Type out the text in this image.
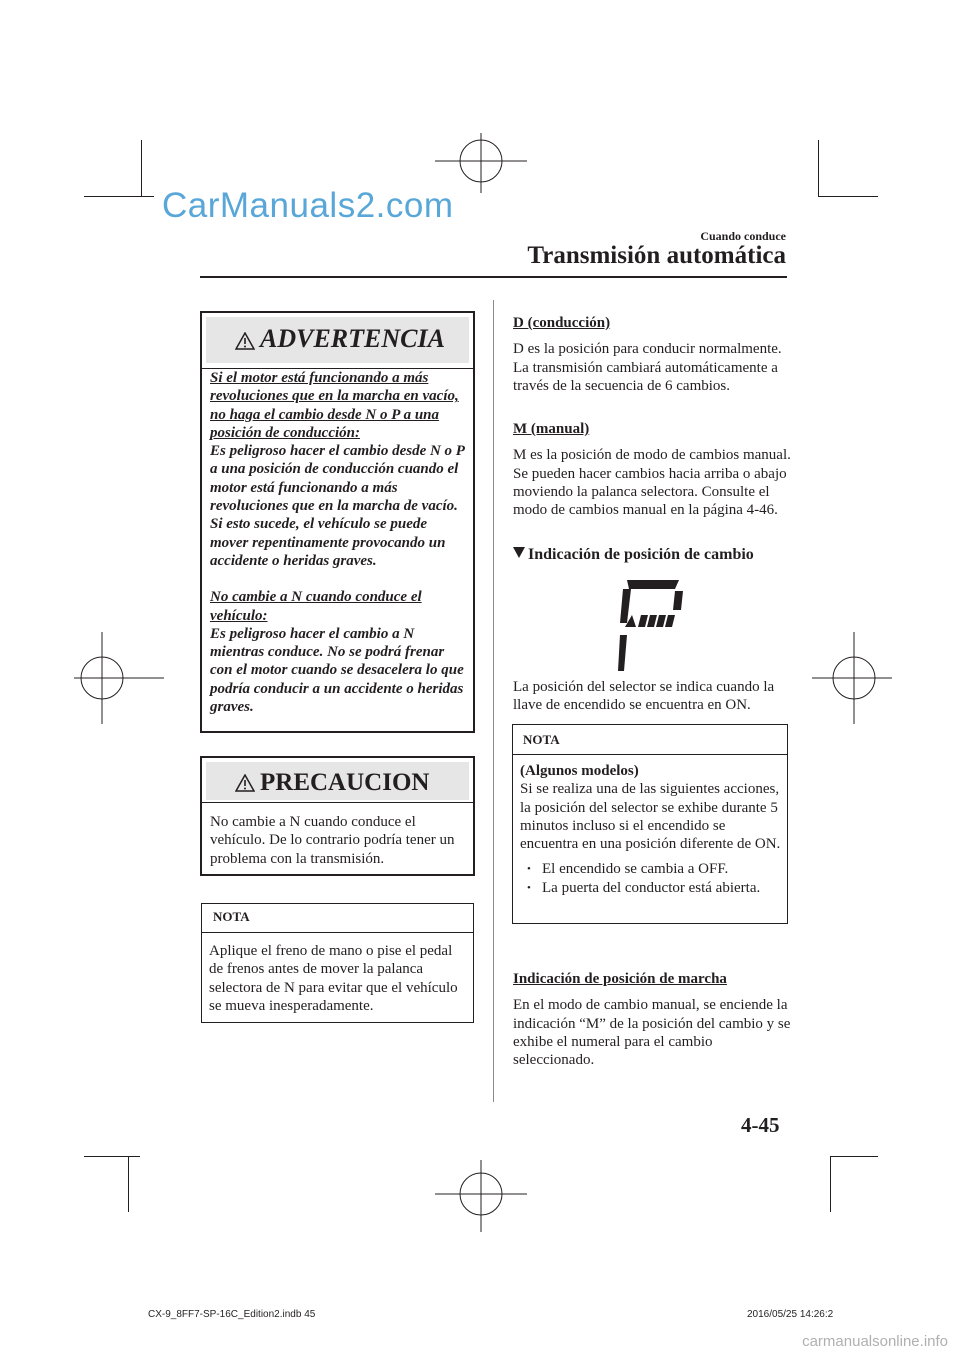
CarManuals2.com
Cuando conduce
Transmisión automática
ADVERTENCIA

Si el motor está funcionando a más revoluciones que en la marcha en vacío, no haga el cambio desde N o P a una posición de conducción:

Es peligroso hacer el cambio desde N o P a una posición de conducción cuando el motor está funcionando a más revoluciones que en la marcha de vacío. Si esto sucede, el vehículo se puede mover repentinamente provocando un accidente o heridas graves.

No cambie a N cuando conduce el vehículo:

Es peligroso hacer el cambio a N mientras conduce. No se podrá frenar con el motor cuando se desacelera lo que podría conducir a un accidente o heridas graves.

PRECAUCION

No cambie a N cuando conduce el vehículo. De lo contrario podría tener un problema con la transmisión.

NOTA

Aplique el freno de mano o pise el pedal de frenos antes de mover la palanca selectora de N para evitar que el vehículo se mueva inesperadamente.

D (conducción)

D es la posición para conducir normalmente. La transmisión cambiará automáticamente a través de la secuencia de 6 cambios.

M (manual)

M es la posición de modo de cambios manual. Se pueden hacer cambios hacia arriba o abajo moviendo la palanca selectora. Consulte el modo de cambios manual en la página 4-46.

Indicación de posición de cambio

La posición del selector se indica cuando la llave de encendido se encuentra en ON.

NOTA

(Algunos modelos)

Si se realiza una de las siguientes acciones, la posición del selector se exhibe durante 5 minutos incluso si el encendido se encuentra en una posición diferente de ON.

• El encendido se cambia a OFF.
• La puerta del conductor está abierta.
Indicación de posición de marcha

En el modo de cambio manual, se enciende la indicación “M” de la posición del cambio y se exhibe el numeral para el cambio seleccionado.

4-45
CX-9_8FF7-SP-16C_Edition2.indb 45	2016/05/25 14:26:2
carmanualsonline.info
